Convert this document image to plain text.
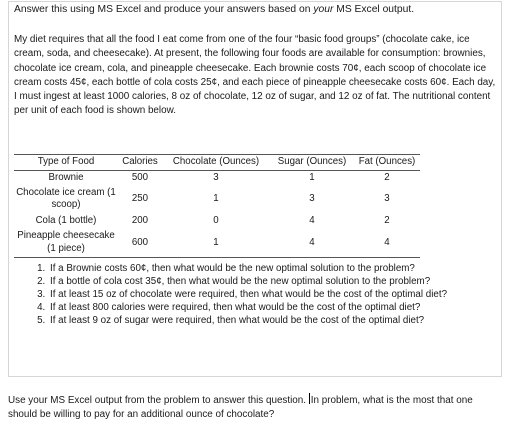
Answer this using MS Excel and produce your answers based on your MS Excel output.

My diet requires that all the food I eat come from one of the four “basic food groups” (chocolate cake, ice cream, soda, and cheesecake). At present, the following four foods are available for consumption: brownies, chocolate ice cream, cola, and pineapple cheesecake. Each brownie costs 70¢, each scoop of chocolate ice cream costs 45¢, each bottle of cola costs 25¢, and each piece of pineapple cheesecake costs 60¢. Each day, I must ingest at least 1000 calories, 8 oz of chocolate, 12 oz of sugar, and 12 oz of fat. The nutritional content per unit of each food is shown below.

Type of Food	Calories	Chocolate (Ounces)	Sugar (Ounces)	Fat (Ounces)
Brownie	500	3	1	2
Chocolate ice cream (1 scoop)	250	1	3	3
Cola (1 bottle)	200	0	4	2
Pineapple cheesecake (1 piece)	600	1	4	4
1. If a Brownie costs 60¢, then what would be the new optimal solution to the problem?
2. If a bottle of cola cost 35¢, then what would be the new optimal solution to the problem?
3. If at least 15 oz of chocolate were required, then what would be the cost of the optimal diet?
4. If at least 800 calories were required, then what would be the cost of the optimal diet?
5. If at least 9 oz of sugar were required, then what would be the cost of the optimal diet?

Use your MS Excel output from the problem to answer this question. In problem, what is the most that one should be willing to pay for an additional ounce of chocolate?
